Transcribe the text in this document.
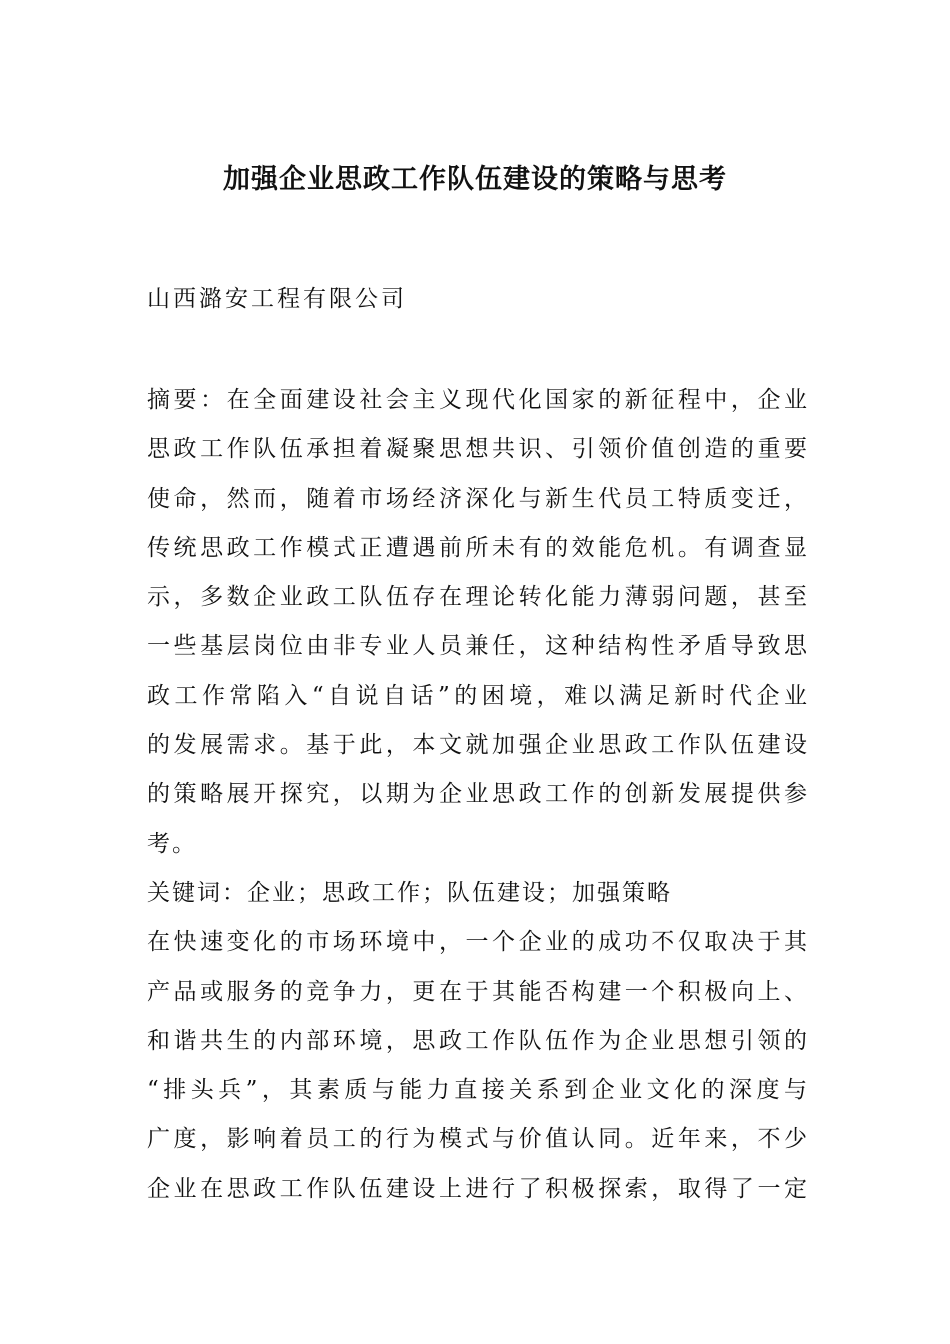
加强企业思政工作队伍建设的策略与思考
山西潞安工程有限公司
摘要：在全面建设社会主义现代化国家的新征程中，企业
思政工作队伍承担着凝聚思想共识、引领价值创造的重要
使命，然而，随着市场经济深化与新生代员工特质变迁，
传统思政工作模式正遭遇前所未有的效能危机。有调查显
示，多数企业政工队伍存在理论转化能力薄弱问题，甚至
一些基层岗位由非专业人员兼任，这种结构性矛盾导致思
政工作常陷入“自说自话”的困境，难以满足新时代企业
的发展需求。基于此，本文就加强企业思政工作队伍建设
的策略展开探究，以期为企业思政工作的创新发展提供参
考。
关键词：企业；思政工作；队伍建设；加强策略
在快速变化的市场环境中，一个企业的成功不仅取决于其
产品或服务的竞争力，更在于其能否构建一个积极向上、
和谐共生的内部环境，思政工作队伍作为企业思想引领的
“排头兵”，其素质与能力直接关系到企业文化的深度与
广度，影响着员工的行为模式与价值认同。近年来，不少
企业在思政工作队伍建设上进行了积极探索，取得了一定
